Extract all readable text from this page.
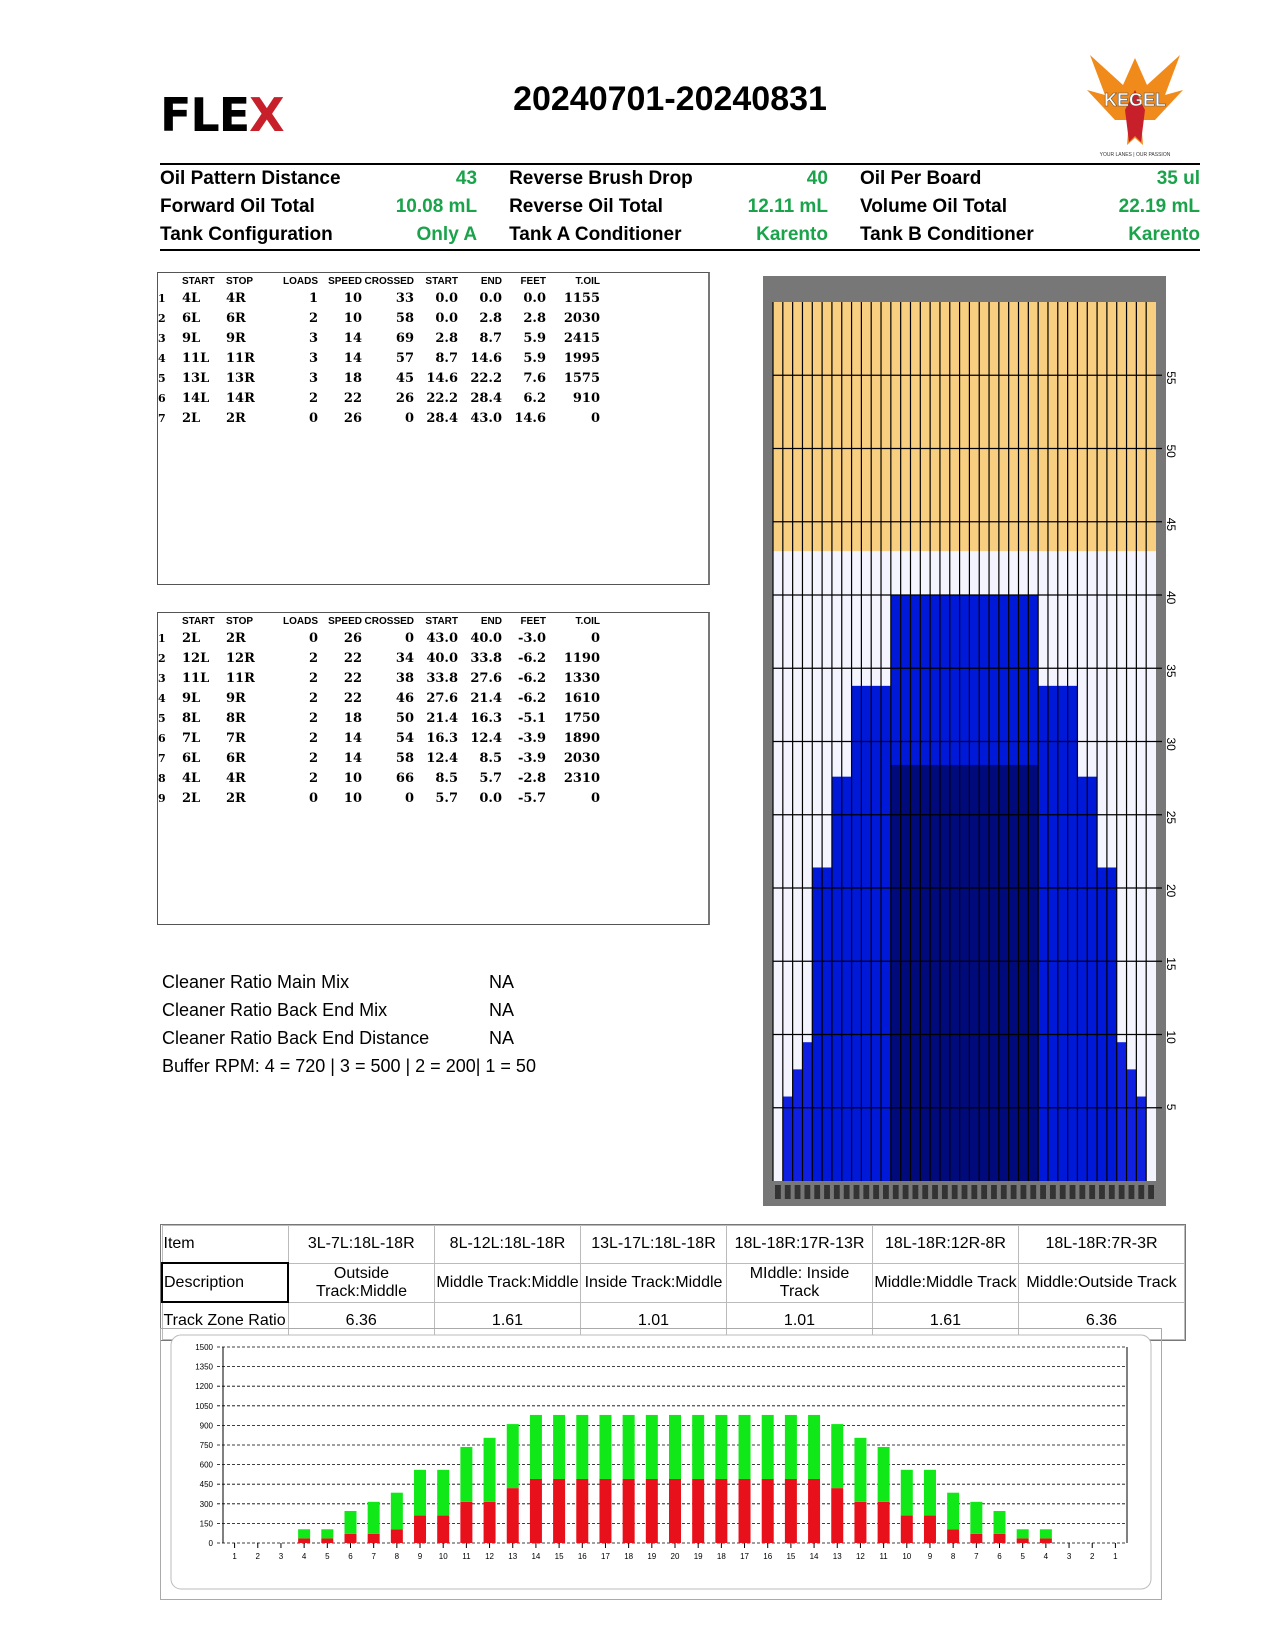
FLEX	20240701-20240831	KEGEL
YOUR LANES | OUR PASSION
Oil Pattern Distance	43	Reverse Brush Drop	40	Oil Per Board	35 ul
Forward Oil Total	10.08 mL	Reverse Oil Total	12.11 mL	Volume Oil Total	22.19 mL
Tank Configuration	Only A	Tank A Conditioner	Karento	Tank B Conditioner	Karento
	START	STOP	LOADS	SPEED	CROSSED	START	END	FEET	T.OIL
1	4L	4R	1	10	33	0.0	0.0	0.0	1155
2	6L	6R	2	10	58	0.0	2.8	2.8	2030
3	9L	9R	3	14	69	2.8	8.7	5.9	2415
4	11L	11R	3	14	57	8.7	14.6	5.9	1995
5	13L	13R	3	18	45	14.6	22.2	7.6	1575
6	14L	14R	2	22	26	22.2	28.4	6.2	910
7	2L	2R	0	26	0	28.4	43.0	14.6	0
	START	STOP	LOADS	SPEED	CROSSED	START	END	FEET	T.OIL
1	2L	2R	0	26	0	43.0	40.0	-3.0	0
2	12L	12R	2	22	34	40.0	33.8	-6.2	1190
3	11L	11R	2	22	38	33.8	27.6	-6.2	1330
4	9L	9R	2	22	46	27.6	21.4	-6.2	1610
5	8L	8R	2	18	50	21.4	16.3	-5.1	1750
6	7L	7R	2	14	54	16.3	12.4	-3.9	1890
7	6L	6R	2	14	58	12.4	8.5	-3.9	2030
8	4L	4R	2	10	66	8.5	5.7	-2.8	2310
9	2L	2R	0	10	0	5.7	0.0	-5.7	0
Cleaner Ratio Main Mix	NA
Cleaner Ratio Back End Mix	NA
Cleaner Ratio Back End Distance	NA
Buffer RPM: 4 = 720 | 3 = 500 | 2 = 200| 1 = 50
5
10
15
20
25
30
35
40
45
50
55
Item	3L-7L:18L-18R	8L-12L:18L-18R	13L-17L:18L-18R	18L-18R:17R-13R	18L-18R:12R-8R	18L-18R:7R-3R
Description	Outside Track:Middle	Middle Track:Middle	Inside Track:Middle	MIddle: Inside Track	Middle:Middle Track	Middle:Outside Track
Track Zone Ratio	6.36	1.61	1.01	1.01	1.61	6.36
0
150
300
450
600
750
900
1050
1200
1350
1500
1 2 3 4 5 6 7 8 9 10 11 12 13 14 15 16 17 18 19 20 19 18 17 16 15 14 13 12 11 10 9 8 7 6 5 4 3 2 1
